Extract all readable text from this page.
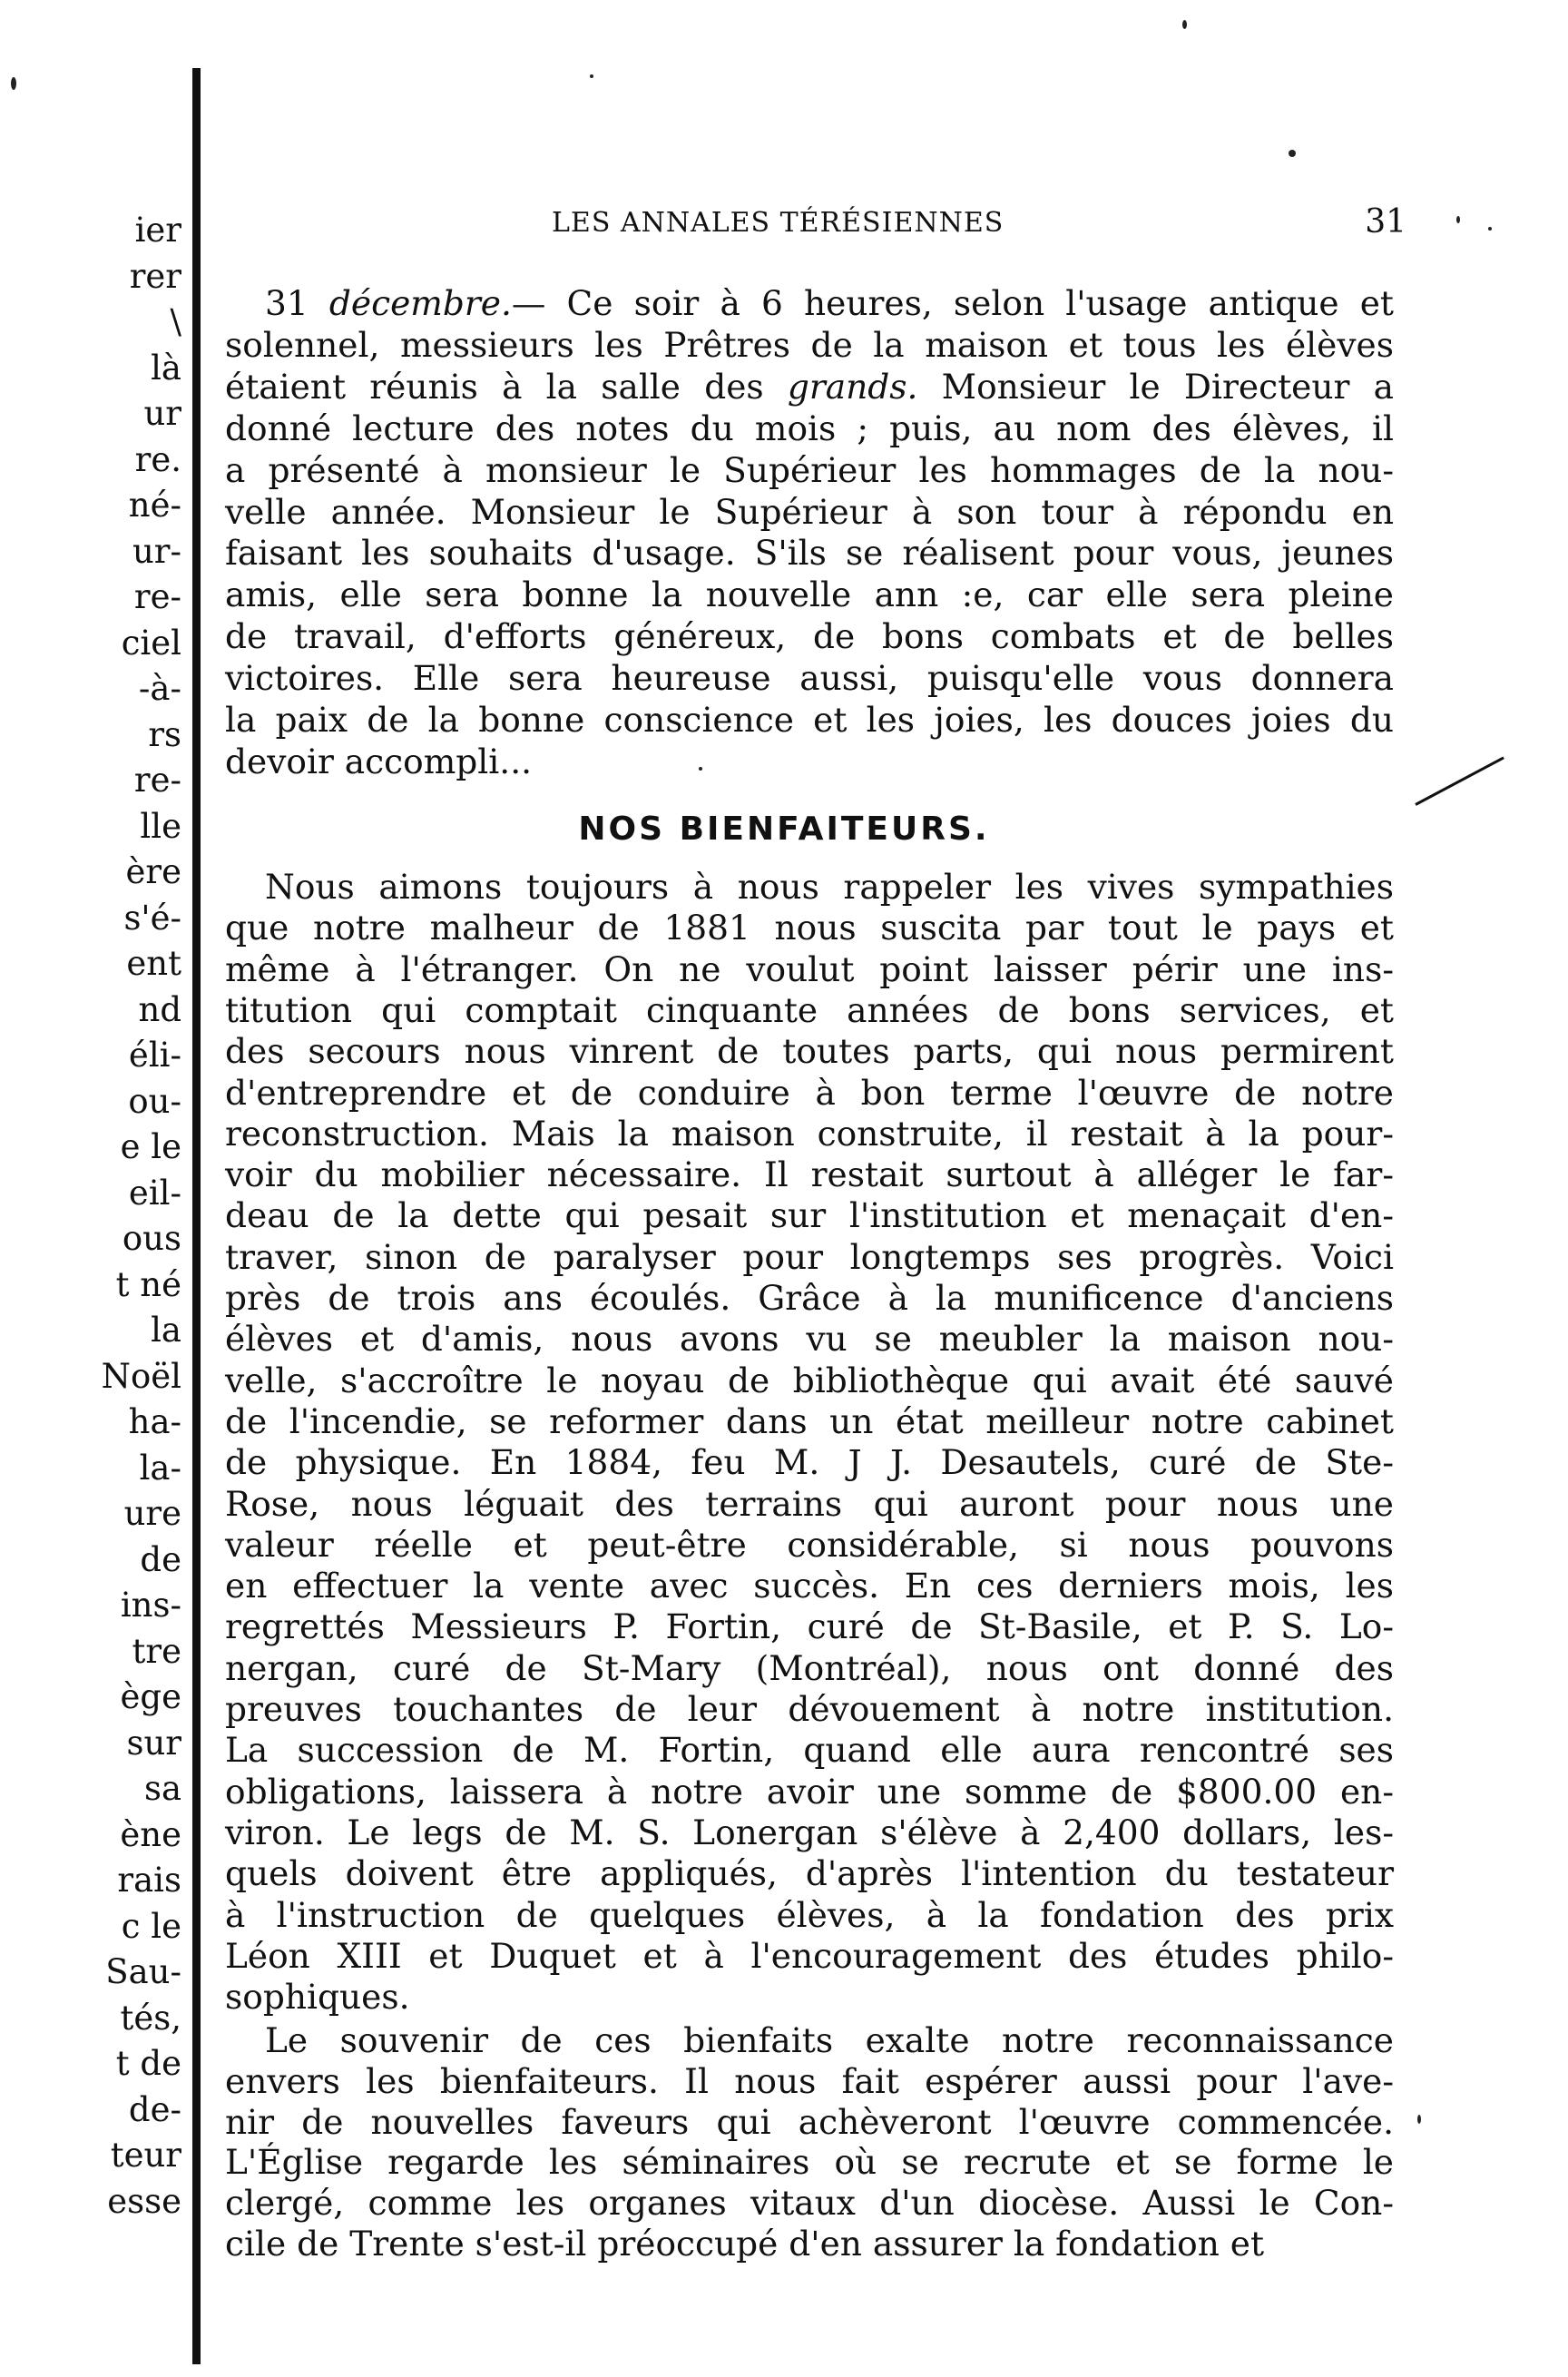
ier
rer
\
là
ur
re.
né-
ur-
re-
ciel
-à-
rs
re-
lle
ère
s'é-
ent
nd
éli-
ou-
e le
eil-
ous
t né
la
Noël
ha-
la-
ure
de
ins-
tre
ège
sur
sa
ène
rais
c le
Sau-
tés,
t de
de-
teur
esse
LES ANNALES TÉRÉSIENNES	31
31 décembre.— Ce soir à 6 heures, selon l'usage antique et
solennel, messieurs les Prêtres de la maison et tous les élèves
étaient réunis à la salle des grands. Monsieur le Directeur a
donné lecture des notes du mois ; puis, au nom des élèves, il
a présenté à monsieur le Supérieur les hommages de la nou-
velle année. Monsieur le Supérieur à son tour à répondu en
faisant les souhaits d'usage. S'ils se réalisent pour vous, jeunes
amis, elle sera bonne la nouvelle ann :e, car elle sera pleine
de travail, d'efforts généreux, de bons combats et de belles
victoires. Elle sera heureuse aussi, puisqu'elle vous donnera
la paix de la bonne conscience et les joies, les douces joies du
devoir accompli...
NOS BIENFAITEURS.
Nous aimons toujours à nous rappeler les vives sympathies
que notre malheur de 1881 nous suscita par tout le pays et
même à l'étranger. On ne voulut point laisser périr une ins-
titution qui comptait cinquante années de bons services, et
des secours nous vinrent de toutes parts, qui nous permirent
d'entreprendre et de conduire à bon terme l'œuvre de notre
reconstruction. Mais la maison construite, il restait à la pour-
voir du mobilier nécessaire. Il restait surtout à alléger le far-
deau de la dette qui pesait sur l'institution et menaçait d'en-
traver, sinon de paralyser pour longtemps ses progrès. Voici
près de trois ans écoulés. Grâce à la munificence d'anciens
élèves et d'amis, nous avons vu se meubler la maison nou-
velle, s'accroître le noyau de bibliothèque qui avait été sauvé
de l'incendie, se reformer dans un état meilleur notre cabinet
de physique. En 1884, feu M. J J. Desautels, curé de Ste-
Rose, nous léguait des terrains qui auront pour nous une
valeur réelle et peut-être considérable, si nous pouvons
en effectuer la vente avec succès. En ces derniers mois, les
regrettés Messieurs P. Fortin, curé de St-Basile, et P. S. Lo-
nergan, curé de St-Mary (Montréal), nous ont donné des
preuves touchantes de leur dévouement à notre institution.
La succession de M. Fortin, quand elle aura rencontré ses
obligations, laissera à notre avoir une somme de $800.00 en-
viron. Le legs de M. S. Lonergan s'élève à 2,400 dollars, les-
quels doivent être appliqués, d'après l'intention du testateur
à l'instruction de quelques élèves, à la fondation des prix
Léon XIII et Duquet et à l'encouragement des études philo-
sophiques.
Le souvenir de ces bienfaits exalte notre reconnaissance
envers les bienfaiteurs. Il nous fait espérer aussi pour l'ave-
nir de nouvelles faveurs qui achèveront l'œuvre commencée.
L'Église regarde les séminaires où se recrute et se forme le
clergé, comme les organes vitaux d'un diocèse. Aussi le Con-
cile de Trente s'est-il préoccupé d'en assurer la fondation et
